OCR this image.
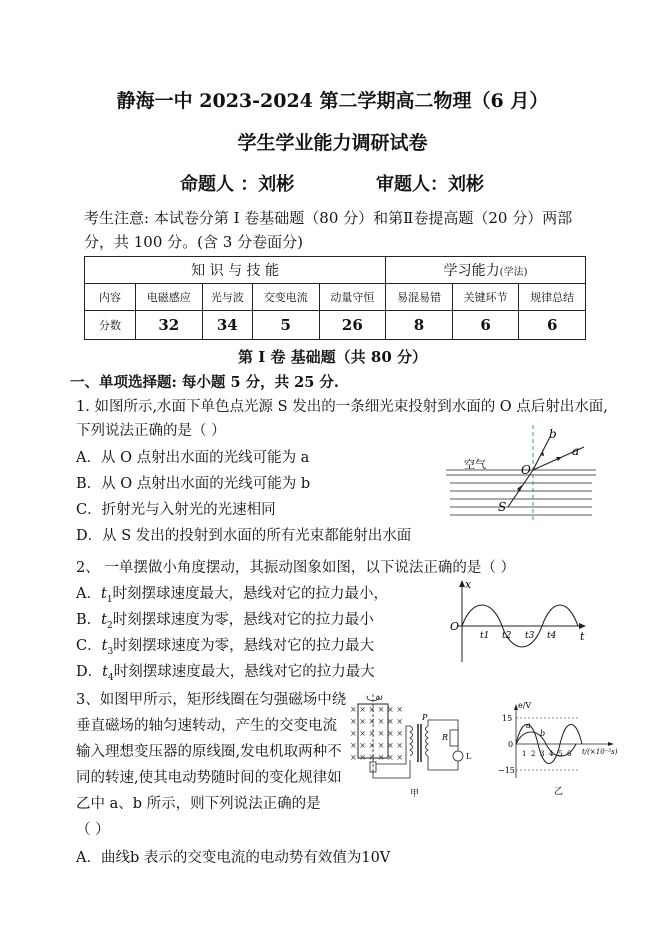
静海一中 2023-2024 第二学期高二物理（6 月）
学生学业能力调研试卷
命题人 ：刘彬	审题人：刘彬
考生注意: 本试卷分第 I 卷基础题（80 分）和第Ⅱ卷提高题（20 分）两部
分，共 100 分。(含 3 分卷面分)
知 识 与 技 能					学习能力(学法)		
内容	电磁感应	光与波	交变电流	动量守恒	易混易错	关键环节	规律总结
分数	32	34	5	26	8	6	6
第 I 卷 基础题（共 80 分）
一、单项选择题: 每小题 5 分，共 25 分.
1. 如图所示,水面下单色点光源 S 发出的一条细光束投射到水面的 O 点后射出水面,
下列说法正确的是（ ）
A．从 O 点射出水面的光线可能为 a
B．从 O 点射出水面的光线可能为 b
C．折射光与入射光的光速相同
D．从 S 发出的投射到水面的所有光束都能射出水面
空气	O
S
a
b
2、 一单摆做小角度摆动，其振动图象如图，以下说法正确的是（ ）
A．$t_1$时刻摆球速度最大，悬线对它的拉力最小，
B．$t_2$时刻摆球速度为零，悬线对它的拉力最小
C．$t_3$时刻摆球速度为零，悬线对它的拉力最大
D．$t_4$时刻摆球速度最大，悬线对它的拉力最大
x
O
t
t1 t2 t3 t4
3、如图甲所示，矩形线圈在匀强磁场中绕
垂直磁场的轴匀速转动，产生的交变电流
输入理想变压器的原线圈,发电机取两种不
同的转速,使其电动势随时间的变化规律如
乙中 a、b 所示，则下列说法正确的是
（ ）
A．曲线b 表示的交变电流的电动势有效值为10V
× × × × × ×
× × × × × ×
× × × × × ×
× × × × × ×
× × × × × ×
ω
P
R
L
甲
e/V
15
−15
0
a
b
1 2 3 4 5 6 t/(×10⁻²s)
乙
